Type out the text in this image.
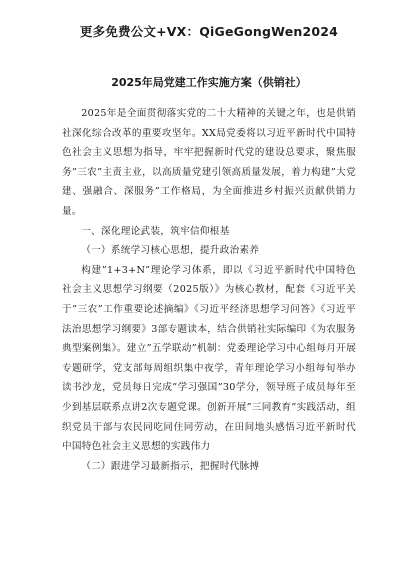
更多免费公文+VX：QiGeGongWen2024
2025年局党建工作实施方案（供销社）

2025年是全面贯彻落实党的二十大精神的关键之年，也是供销社深化综合改革的重要攻坚年。XX局党委将以习近平新时代中国特色社会主义思想为指导，牢牢把握新时代党的建设总要求，聚焦服务”三农”主责主业，以高质量党建引领高质量发展，着力构建”大党建、强融合、深服务”工作格局，为全面推进乡村振兴贡献供销力量。

一、深化理论武装，筑牢信仰根基

（一）系统学习核心思想，提升政治素养

构建”1+3+N”理论学习体系，即以《习近平新时代中国特色社会主义思想学习纲要（2025版）》为核心教材，配套《习近平关于”三农”工作重要论述摘编》《习近平经济思想学习问答》《习近平法治思想学习纲要》3部专题读本，结合供销社实际编印《为农服务典型案例集》。建立”五学联动”机制：党委理论学习中心组每月开展专题研学，党支部每周组织集中夜学，青年理论学习小组每旬举办读书沙龙，党员每日完成”学习强国”30学分，领导班子成员每年至少到基层联系点讲2次专题党课。创新开展”三同教育”实践活动，组织党员干部与农民同吃同住同劳动，在田间地头感悟习近平新时代中国特色社会主义思想的实践伟力

（二）跟进学习最新指示，把握时代脉搏
